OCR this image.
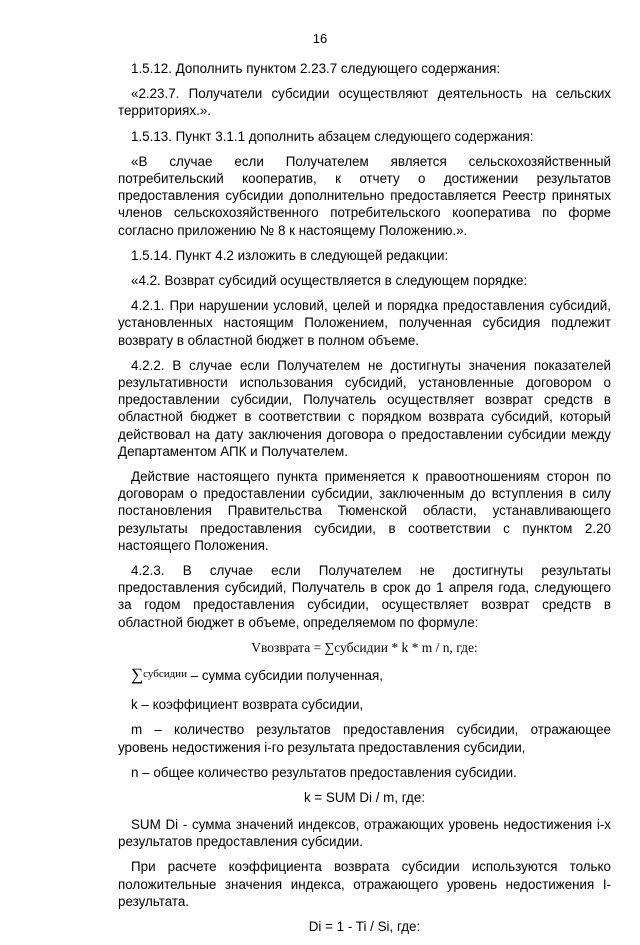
16

1.5.12. Дополнить пунктом 2.23.7 следующего содержания:

«2.23.7. Получатели субсидии осуществляют деятельность на сельских территориях.».

1.5.13. Пункт 3.1.1 дополнить абзацем следующего содержания:

«В случае если Получателем является сельскохозяйственный потребительский кооператив, к отчету о достижении результатов предоставления субсидии дополнительно предоставляется Реестр принятых членов сельскохозяйственного потребительского кооператива по форме согласно приложению № 8 к настоящему Положению.».

1.5.14. Пункт 4.2 изложить в следующей редакции:

«4.2. Возврат субсидий осуществляется в следующем порядке:

4.2.1. При нарушении условий, целей и порядка предоставления субсидий, установленных настоящим Положением, полученная субсидия подлежит возврату в областной бюджет в полном объеме.

4.2.2. В случае если Получателем не достигнуты значения показателей результативности использования субсидий, установленные договором о предоставлении субсидии, Получатель осуществляет возврат средств в областной бюджет в соответствии с порядком возврата субсидий, который действовал на дату заключения договора о предоставлении субсидии между Департаментом АПК и Получателем.

Действие настоящего пункта применяется к правоотношениям сторон по договорам о предоставлении субсидии, заключенным до вступления в силу постановления Правительства Тюменской области, устанавливающего результаты предоставления субсидии, в соответствии с пунктом 2.20 настоящего Положения.

4.2.3. В случае если Получателем не достигнуты результаты предоставления субсидий, Получатель в срок до 1 апреля года, следующего за годом предоставления субсидии, осуществляет возврат средств в областной бюджет в объеме, определяемом по формуле:

Vвозврата = ∑субсидии * k * m / n, где:

∑$^{субсидии}$ – сумма субсидии полученная,

k – коэффициент возврата субсидии,

m – количество результатов предоставления субсидии, отражающее уровень недостижения i-го результата предоставления субсидии,

n – общее количество результатов предоставления субсидии.

k = SUM Di / m, где:

SUM Di - сумма значений индексов, отражающих уровень недостижения i-х результатов предоставления субсидии.

При расчете коэффициента возврата субсидии используются только положительные значения индекса, отражающего уровень недостижения I-результата.

Di = 1 - Ti / Si, где:
